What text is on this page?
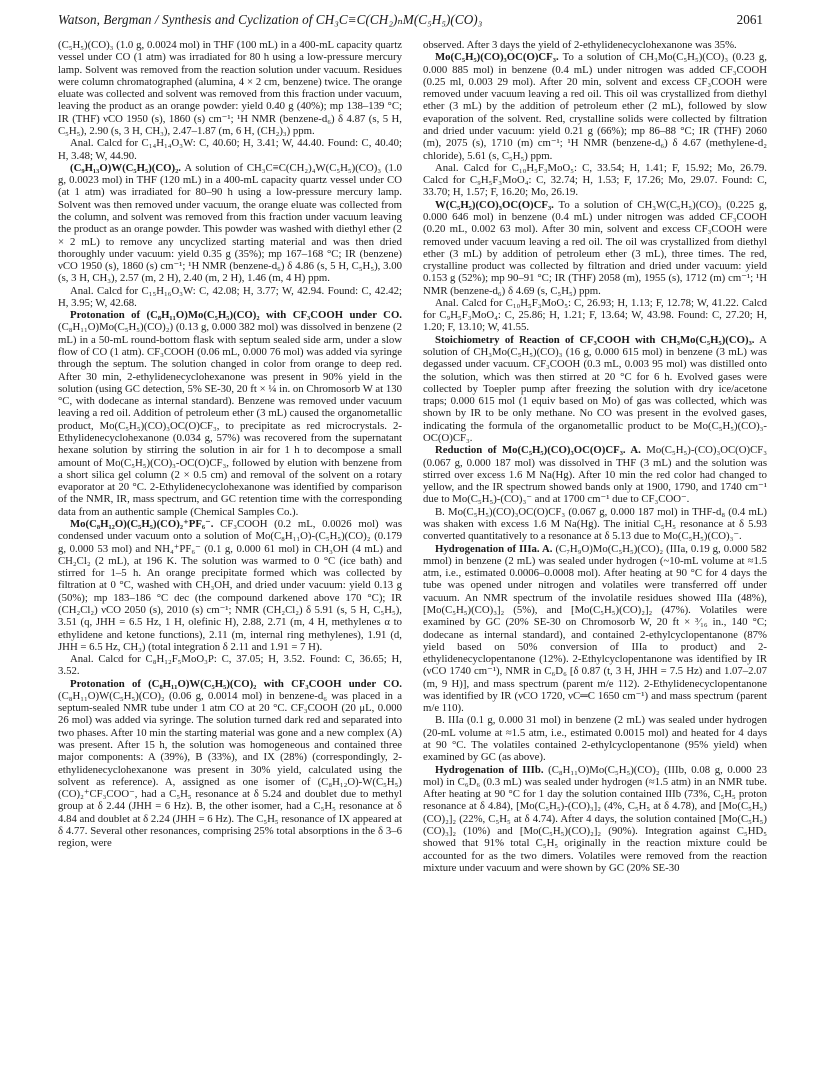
Watson, Bergman / Synthesis and Cyclization of CH₃C≡C(CH₂)ₙM(C₅H₅)(CO)₃	2061

(C₅H₅)(CO)₃ (1.0 g, 0.0024 mol) in THF (100 mL) in a 400-mL capacity quartz vessel under CO (1 atm) was irradiated for 80 h using a low-pressure mercury lamp. Solvent was removed from the reaction solution under vacuum. Residues were column chromatographed (alumina, 4 × 2 cm, benzene) twice. The orange eluate was collected and solvent was removed from this fraction under vacuum, leaving the product as an orange powder: yield 0.40 g (40%); mp 138–139 °C; IR (THF) νCO 1950 (s), 1860 (s) cm⁻¹; ¹H NMR (benzene-d₆) δ 4.87 (s, 5 H, C₅H₅), 2.90 (s, 3 H, CH₃), 2.47–1.87 (m, 6 H, (CH₂)₃) ppm.

Anal. Calcd for C₁₄H₁₄O₃W: C, 40.60; H, 3.41; W, 44.40. Found: C, 40.40; H, 3.48; W, 44.90.

(C₉H₁₃O)W(C₅H₅)(CO)₂. A solution of CH₃C≡C(CH₂)₄W(C₅H₅)(CO)₃ (1.0 g, 0.0023 mol) in THF (120 mL) in a 400-mL capacity quartz vessel under CO (at 1 atm) was irradiated for 80–90 h using a low-pressure mercury lamp. Solvent was then removed under vacuum, the orange eluate was collected from the column, and solvent was removed from this fraction under vacuum leaving the product as an orange powder. This powder was washed with diethyl ether (2 × 2 mL) to remove any uncyclized starting material and was then dried thoroughly under vacuum: yield 0.35 g (35%); mp 167–168 °C; IR (benzene) νCO 1950 (s), 1860 (s) cm⁻¹; ¹H NMR (benzene-d₆) δ 4.86 (s, 5 H, C₅H₅), 3.00 (s, 3 H, CH₃), 2.57 (m, 2 H), 2.40 (m, 2 H), 1.46 (m, 4 H) ppm.

Anal. Calcd for C₁₅H₁₆O₃W: C, 42.08; H, 3.77; W, 42.94. Found: C, 42.42; H, 3.95; W, 42.68.

Protonation of (C₈H₁₁O)Mo(C₅H₅)(CO)₂ with CF₃COOH under CO. (C₈H₁₁O)Mo(C₅H₅)(CO)₂) (0.13 g, 0.000 382 mol) was dissolved in benzene (2 mL) in a 50-mL round-bottom flask with septum sealed side arm, under a slow flow of CO (1 atm). CF₃COOH (0.06 mL, 0.000 76 mol) was added via syringe through the septum. The solution changed in color from orange to deep red. After 30 min, 2-ethylidenecyclohexanone was present in 90% yield in the solution (using GC detection, 5% SE-30, 20 ft × ¼ in. on Chromosorb W at 130 °C, with dodecane as internal standard). Benzene was removed under vacuum leaving a red oil. Addition of petroleum ether (3 mL) caused the organometallic product, Mo(C₅H₅)(CO)₃OC(O)CF₃, to precipitate as red microcrystals. 2-Ethylidenecyclohexanone (0.034 g, 57%) was recovered from the supernatant hexane solution by stirring the solution in air for 1 h to decompose a small amount of Mo(C₅H₅)(CO)₃-OC(O)CF₃, followed by elution with benzene from a short silica gel column (2 × 0.5 cm) and removal of the solvent on a rotary evaporator at 20 °C. 2-Ethylidenecyclohexanone was identified by comparison of the NMR, IR, mass spectrum, and GC retention time with the corresponding data from an authentic sample (Chemical Samples Co.).

Mo(C₈H₁₂O)(C₅H₅)(CO)₂⁺PF₆⁻. CF₃COOH (0.2 mL, 0.0026 mol) was condensed under vacuum onto a solution of Mo(C₈H₁₁O)-(C₅H₅)(CO)₂ (0.179 g, 0.000 53 mol) and NH₄⁺PF₆⁻ (0.1 g, 0.000 61 mol) in CH₃OH (4 mL) and CH₂Cl₂ (2 mL), at 196 K. The solution was warmed to 0 °C (ice bath) and stirred for 1–5 h. An orange precipitate formed which was collected by filtration at 0 °C, washed with CH₃OH, and dried under vacuum: yield 0.13 g (50%); mp 183–186 °C dec (the compound darkened above 170 °C); IR (CH₂Cl₂) νCO 2050 (s), 2010 (s) cm⁻¹; NMR (CH₂Cl₂) δ 5.91 (s, 5 H, C₅H₅), 3.51 (q, JHH = 6.5 Hz, 1 H, olefinic H), 2.88, 2.71 (m, 4 H, methylenes α to ethylidene and ketone functions), 2.11 (m, internal ring methylenes), 1.91 (d, JHH = 6.5 Hz, CH₃) (total integration δ 2.11 and 1.91 = 7 H).

Anal. Calcd for C₈H₁₂F₅MoO₃P: C, 37.05; H, 3.52. Found: C, 36.65; H, 3.52.

Protonation of (C₈H₁₁O)W(C₅H₅)(CO)₂ with CF₃COOH under CO. (C₈H₁₁O)W(C₅H₅)(CO)₂ (0.06 g, 0.0014 mol) in benzene-d₆ was placed in a septum-sealed NMR tube under 1 atm CO at 20 °C. CF₃COOH (20 μL, 0.000 26 mol) was added via syringe. The solution turned dark red and separated into two phases. After 10 min the starting material was gone and a new complex (A) was present. After 15 h, the solution was homogeneous and contained three major components: A (39%), B (33%), and IX (28%) (correspondingly, 2-ethylidenecyclohexanone was present in 30% yield, calculated using the solvent as reference). A, assigned as one isomer of (C₈H₁₂O)-W(C₅H₅)(CO)₂⁺CF₃COO⁻, had a C₅H₅ resonance at δ 5.24 and doublet due to methyl group at δ 2.44 (JHH = 6 Hz). B, the other isomer, had a C₅H₅ resonance at δ 4.84 and doublet at δ 2.24 (JHH = 6 Hz). The C₅H₅ resonance of IX appeared at δ 4.77. Several other resonances, comprising 25% total absorptions in the δ 3–6 region, were

observed. After 3 days the yield of 2-ethylidenecyclohexanone was 35%.

Mo(C₅H₅)(CO)₃OC(O)CF₃. To a solution of CH₃Mo(C₅H₅)(CO)₃ (0.23 g, 0.000 885 mol) in benzene (0.4 mL) under nitrogen was added CF₃COOH (0.25 ml, 0.003 29 mol). After 20 min, solvent and excess CF₃COOH were removed under vacuum leaving a red oil. This oil was crystallized from diethyl ether (3 mL) by the addition of petroleum ether (2 mL), followed by slow evaporation of the solvent. Red, crystalline solids were collected by filtration and dried under vacuum: yield 0.21 g (66%); mp 86–88 °C; IR (THF) 2060 (m), 2075 (s), 1710 (m) cm⁻¹; ¹H NMR (benzene-d₆) δ 4.67 (methylene-d₂ chloride), 5.61 (s, C₅H₅) ppm.

Anal. Calcd for C₁₀H₅F₃MoO₅: C, 33.54; H, 1.41; F, 15.92; Mo, 26.79. Calcd for C₉H₅F₃MoO₄: C, 32.74; H, 1.53; F, 17.26; Mo, 29.07. Found: C, 33.70; H, 1.57; F, 16.20; Mo, 26.19.

W(C₅H₅)(CO)₃OC(O)CF₃. To a solution of CH₃W(C₅H₅)(CO)₃ (0.225 g, 0.000 646 mol) in benzene (0.4 mL) under nitrogen was added CF₃COOH (0.20 mL, 0.002 63 mol). After 30 min, solvent and excess CF₃COOH were removed under vacuum leaving a red oil. The oil was crystallized from diethyl ether (3 mL) by addition of petroleum ether (3 mL), three times. The red, crystalline product was collected by filtration and dried under vacuum: yield 0.153 g (52%); mp 90–91 °C; IR (THF) 2058 (m), 1955 (s), 1712 (m) cm⁻¹; ¹H NMR (benzene-d₆) δ 4.69 (s, C₅H₅) ppm.

Anal. Calcd for C₁₀H₅F₃MoO₅: C, 26.93; H, 1.13; F, 12.78; W, 41.22. Calcd for C₉H₅F₃MoO₄: C, 25.86; H, 1.21; F, 13.64; W, 43.98. Found: C, 27.20; H, 1.20; F, 13.10; W, 41.55.

Stoichiometry of Reaction of CF₃COOH with CH₃Mo(C₅H₅)(CO)₃. A solution of CH₃Mo(C₅H₅)(CO)₃ (16 g, 0.000 615 mol) in benzene (3 mL) was degassed under vacuum. CF₃COOH (0.3 mL, 0.003 95 mol) was distilled onto the solution, which was then stirred at 20 °C for 6 h. Evolved gases were collected by Toepler pump after freezing the solution with dry ice/acetone traps; 0.000 615 mol (1 equiv based on Mo) of gas was collected, which was shown by IR to be only methane. No CO was present in the evolved gases, indicating the formula of the organometallic product to be Mo(C₅H₅)(CO)₃-OC(O)CF₃.

Reduction of Mo(C₅H₅)(CO)₃OC(O)CF₃. A. Mo(C₅H₅)-(CO)₃OC(O)CF₃ (0.067 g, 0.000 187 mol) was dissolved in THF (3 mL) and the solution was stirred over excess 1.6 M Na(Hg). After 10 min the red color had changed to yellow, and the IR spectrum showed bands only at 1900, 1790, and 1740 cm⁻¹ due to Mo(C₅H₅)-(CO)₃⁻ and at 1700 cm⁻¹ due to CF₃COO⁻.

B. Mo(C₅H₅)(CO)₃OC(O)CF₃ (0.067 g, 0.000 187 mol) in THF-d₈ (0.4 mL) was shaken with excess 1.6 M Na(Hg). The initial C₅H₅ resonance at δ 5.93 converted quantitatively to a resonance at δ 5.13 due to Mo(C₅H₅)(CO)₃⁻.

Hydrogenation of IIIa. A. (C₇H₉O)Mo(C₅H₅)(CO)₂ (IIIa, 0.19 g, 0.000 582 mmol) in benzene (2 mL) was sealed under hydrogen (~10-mL volume at ≈1.5 atm, i.e., estimated 0.0006–0.0008 mol). After heating at 90 °C for 4 days the tube was opened under nitrogen and volatiles were transferred off under vacuum. An NMR spectrum of the involatile residues showed IIIa (48%), [Mo(C₅H₅)(CO)₃]₂ (5%), and [Mo(C₅H₅)(CO)₂]₂ (47%). Volatiles were examined by GC (20% SE-30 on Chromosorb W, 20 ft × ³⁄₁₆ in., 140 °C; dodecane as internal standard), and contained 2-ethylcyclopentanone (87% yield based on 50% conversion of IIIa to product) and 2-ethylidenecyclopentanone (12%). 2-Ethylcyclopentanone was identified by IR (νCO 1740 cm⁻¹), NMR in C₆D₆ [δ 0.87 (t, 3 H, JHH = 7.5 Hz) and 1.07–2.07 (m, 9 H)], and mass spectrum (parent m/e 112). 2-Ethylidenecyclopentanone was identified by IR (νCO 1720, νC═C 1650 cm⁻¹) and mass spectrum (parent m/e 110).

B. IIIa (0.1 g, 0.000 31 mol) in benzene (2 mL) was sealed under hydrogen (20-mL volume at ≈1.5 atm, i.e., estimated 0.0015 mol) and heated for 4 days at 90 °C. The volatiles contained 2-ethylcyclopentanone (95% yield) when examined by GC (as above).

Hydrogenation of IIIb. (C₈H₁₁O)Mo(C₅H₅)(CO)₂ (IIIb, 0.08 g, 0.000 23 mol) in C₆D₆ (0.3 mL) was sealed under hydrogen (≈1.5 atm) in an NMR tube. After heating at 90 °C for 1 day the solution contained IIIb (73%, C₅H₅ proton resonance at δ 4.84), [Mo(C₅H₅)-(CO)₃]₂ (4%, C₅H₅ at δ 4.78), and [Mo(C₅H₅)(CO)₂]₂ (22%, C₅H₅ at δ 4.74). After 4 days, the solution contained [Mo(C₅H₅)(CO)₃]₂ (10%) and [Mo(C₅H₅)(CO)₂]₂ (90%). Integration against C₅HD₅ showed that 91% total C₅H₅ originally in the reaction mixture could be accounted for as the two dimers. Volatiles were removed from the reaction mixture under vacuum and were shown by GC (20% SE-30
